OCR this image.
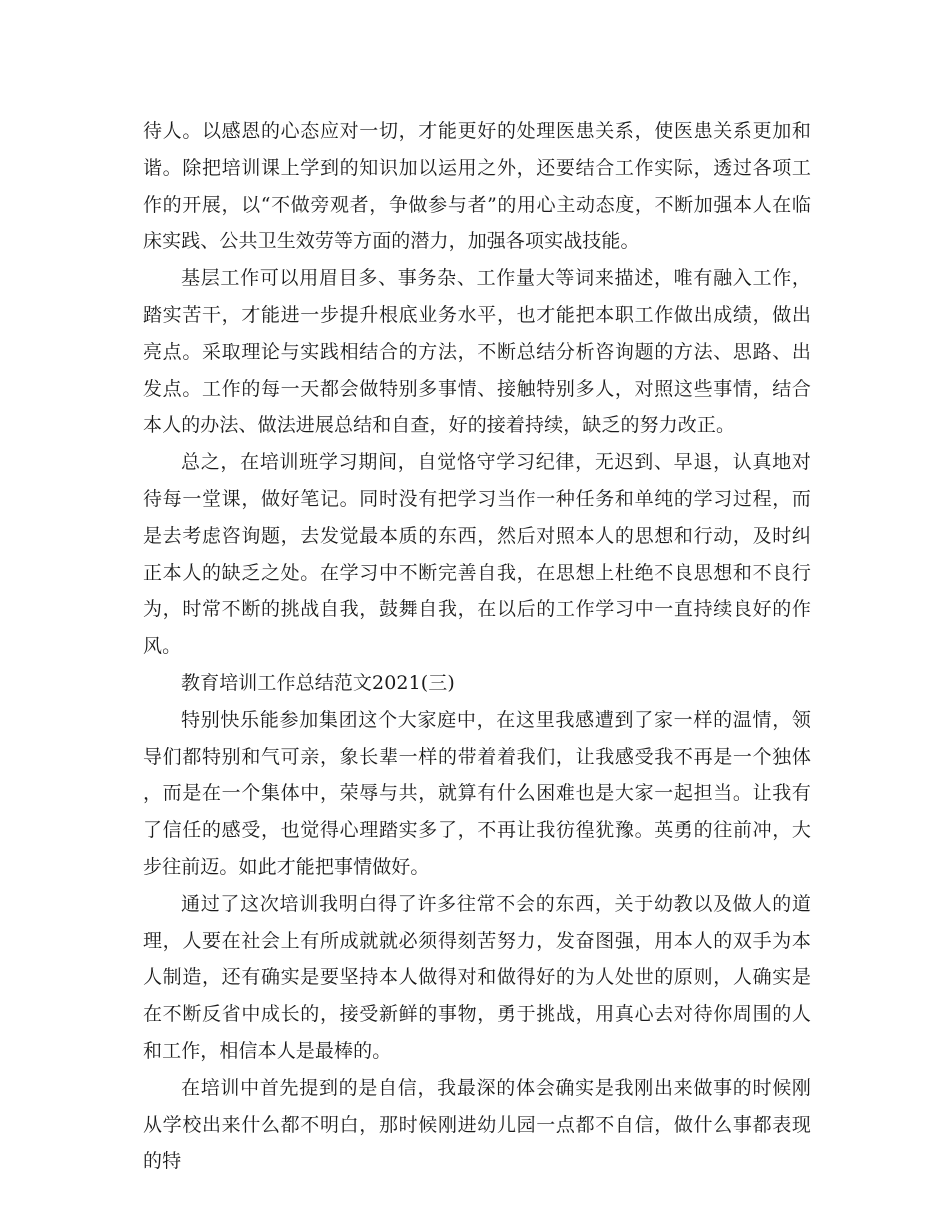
待人。以感恩的心态应对一切，才能更好的处理医患关系，使医患关系更加和谐。除把培训课上学到的知识加以运用之外，还要结合工作实际，透过各项工作的开展，以“不做旁观者，争做参与者”的用心主动态度，不断加强本人在临床实践、公共卫生效劳等方面的潜力，加强各项实战技能。

基层工作可以用眉目多、事务杂、工作量大等词来描述，唯有融入工作，踏实苦干，才能进一步提升根底业务水平，也才能把本职工作做出成绩，做出亮点。采取理论与实践相结合的方法，不断总结分析咨询题的方法、思路、出发点。工作的每一天都会做特别多事情、接触特别多人，对照这些事情，结合本人的办法、做法进展总结和自查，好的接着持续，缺乏的努力改正。

总之，在培训班学习期间，自觉恪守学习纪律，无迟到、早退，认真地对待每一堂课，做好笔记。同时没有把学习当作一种任务和单纯的学习过程，而是去考虑咨询题，去发觉最本质的东西，然后对照本人的思想和行动，及时纠正本人的缺乏之处。在学习中不断完善自我，在思想上杜绝不良思想和不良行为，时常不断的挑战自我，鼓舞自我，在以后的工作学习中一直持续良好的作风。

教育培训工作总结范文2021(三)

特别快乐能参加集团这个大家庭中，在这里我感遭到了家一样的温情，领导们都特别和气可亲，象长辈一样的带着着我们，让我感受我不再是一个独体，而是在一个集体中，荣辱与共，就算有什么困难也是大家一起担当。让我有了信任的感受，也觉得心理踏实多了，不再让我彷徨犹豫。英勇的往前冲，大步往前迈。如此才能把事情做好。

通过了这次培训我明白得了许多往常不会的东西，关于幼教以及做人的道理，人要在社会上有所成就就必须得刻苦努力，发奋图强，用本人的双手为本人制造，还有确实是要坚持本人做得对和做得好的为人处世的原则，人确实是在不断反省中成长的，接受新鲜的事物，勇于挑战，用真心去对待你周围的人和工作，相信本人是最棒的。

在培训中首先提到的是自信，我最深的体会确实是我刚出来做事的时候刚从学校出来什么都不明白，那时候刚进幼儿园一点都不自信，做什么事都表现的特
